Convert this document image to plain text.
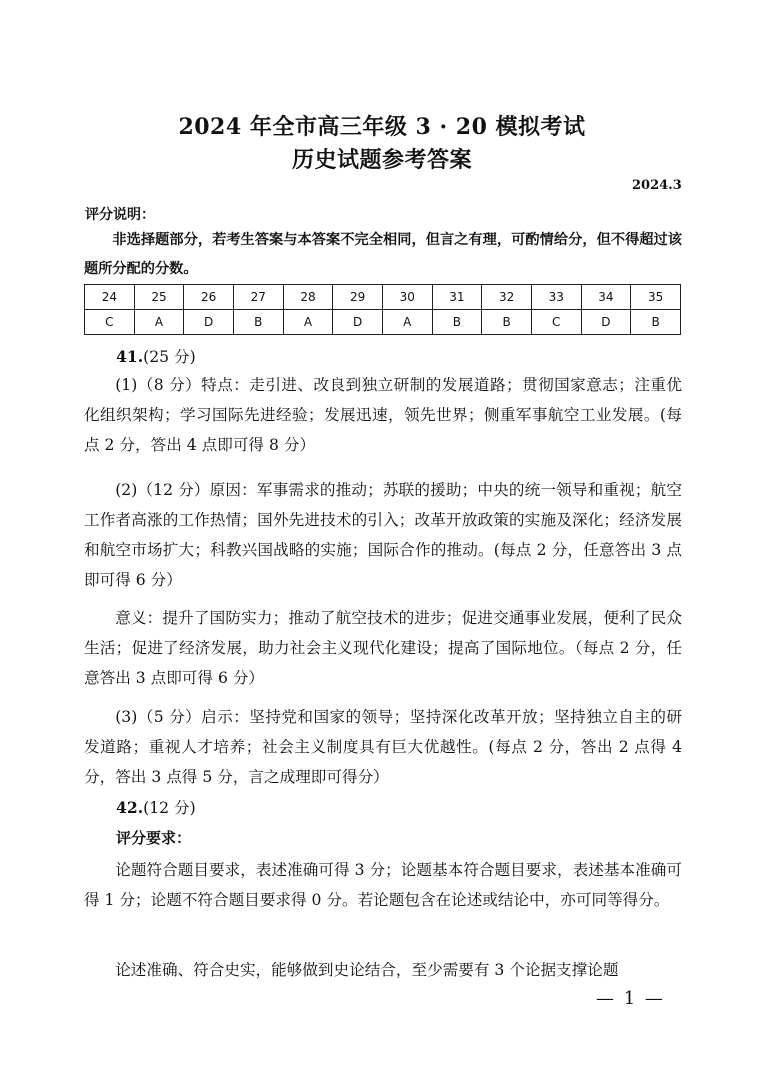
2024 年全市高三年级 3 · 20 模拟考试
历史试题参考答案
2024.3
评分说明：
非选择题部分，若考生答案与本答案不完全相同，但言之有理，可酌情给分，但不得超过该题所分配的分数。
24	25	26	27	28	29	30	31	32	33	34	35
C	A	D	B	A	D	A	B	B	C	D	B
41.(25 分)
(1)（8 分）特点：走引进、改良到独立研制的发展道路；贯彻国家意志；注重优化组织架构；学习国际先进经验；发展迅速，领先世界；侧重军事航空工业发展。(每点 2 分，答出 4 点即可得 8 分）
(2)（12 分）原因：军事需求的推动；苏联的援助；中央的统一领导和重视；航空工作者高涨的工作热情；国外先进技术的引入；改革开放政策的实施及深化；经济发展和航空市场扩大；科教兴国战略的实施；国际合作的推动。(每点 2 分，任意答出 3 点即可得 6 分）
意义：提升了国防实力；推动了航空技术的进步；促进交通事业发展，便利了民众生活；促进了经济发展，助力社会主义现代化建设；提高了国际地位。（每点 2 分，任意答出 3 点即可得 6 分）
(3)（5 分）启示：坚持党和国家的领导；坚持深化改革开放；坚持独立自主的研发道路；重视人才培养；社会主义制度具有巨大优越性。(每点 2 分，答出 2 点得 4 分，答出 3 点得 5 分，言之成理即可得分）
42.(12 分)
评分要求：
论题符合题目要求，表述准确可得 3 分；论题基本符合题目要求，表述基本准确可得 1 分；论题不符合题目要求得 0 分。若论题包含在论述或结论中，亦可同等得分。
论述准确、符合史实，能够做到史论结合，至少需要有 3 个论据支撑论题
— 1 —
